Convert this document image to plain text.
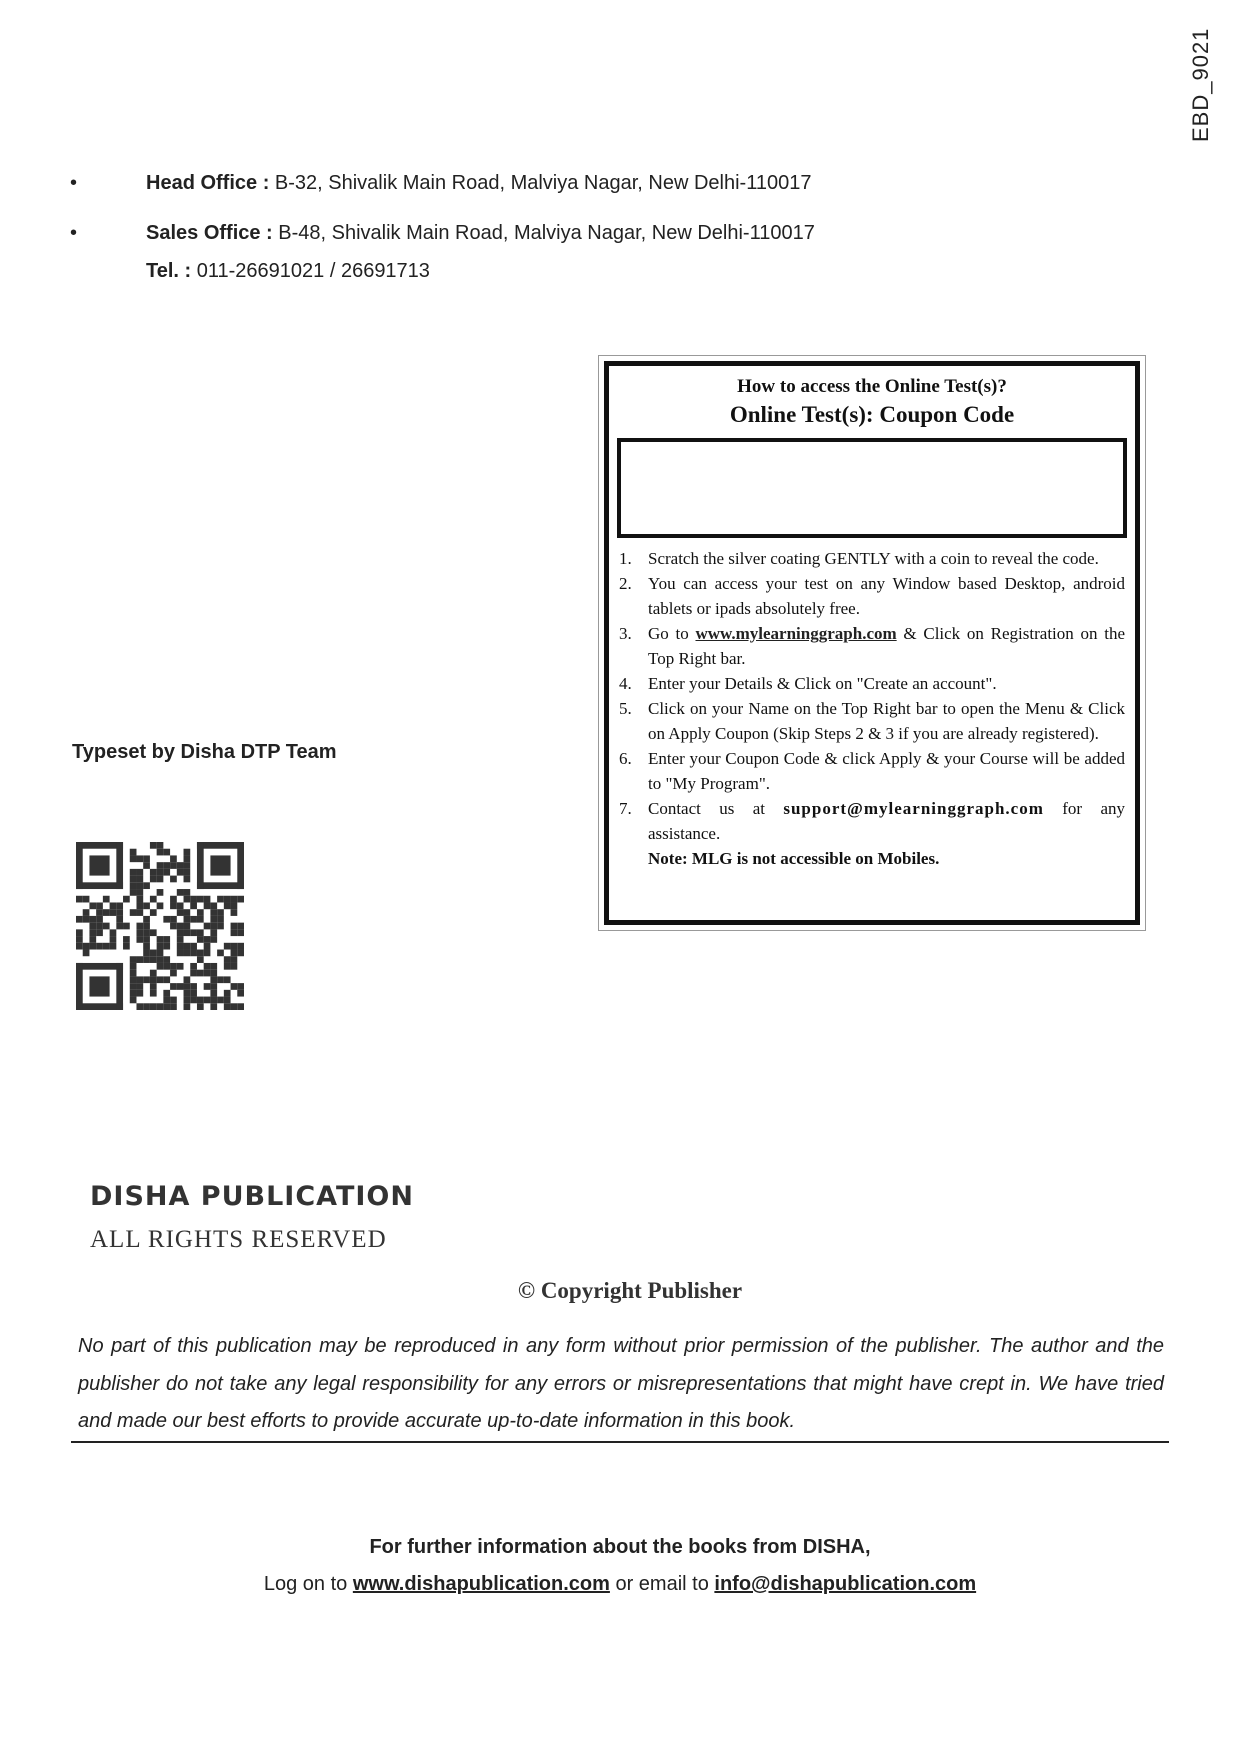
EBD_9021
•	Head Office : B-32, Shivalik Main Road, Malviya Nagar, New Delhi-110017
•	Sales Office : B-48, Shivalik Main Road, Malviya Nagar, New Delhi-110017
Tel. : 011-26691021 / 26691713
How to access the Online Test(s)?
Online Test(s): Coupon Code
1. Scratch the silver coating GENTLY with a coin to reveal the code.
2. You can access your test on any Window based Desktop, android tablets or ipads absolutely free.
3. Go to www.mylearninggraph.com & Click on Registration on the Top Right bar.
4. Enter your Details & Click on "Create an account".
5. Click on your Name on the Top Right bar to open the Menu & Click on Apply Coupon (Skip Steps 2 & 3 if you are already registered).
6. Enter your Coupon Code & click Apply & your Course will be added to "My Program".
7. Contact us at support@mylearninggraph.com for any assistance.
Note: MLG is not accessible on Mobiles.
Typeset by Disha DTP Team
DISHA PUBLICATION
ALL RIGHTS RESERVED
© Copyright Publisher
No part of this publication may be reproduced in any form without prior permission of the publisher. The author and the publisher do not take any legal responsibility for any errors or misrepresentations that might have crept in. We have tried and made our best efforts to provide accurate up-to-date information in this book.
For further information about the books from DISHA,
Log on to www.dishapublication.com or email to info@dishapublication.com
